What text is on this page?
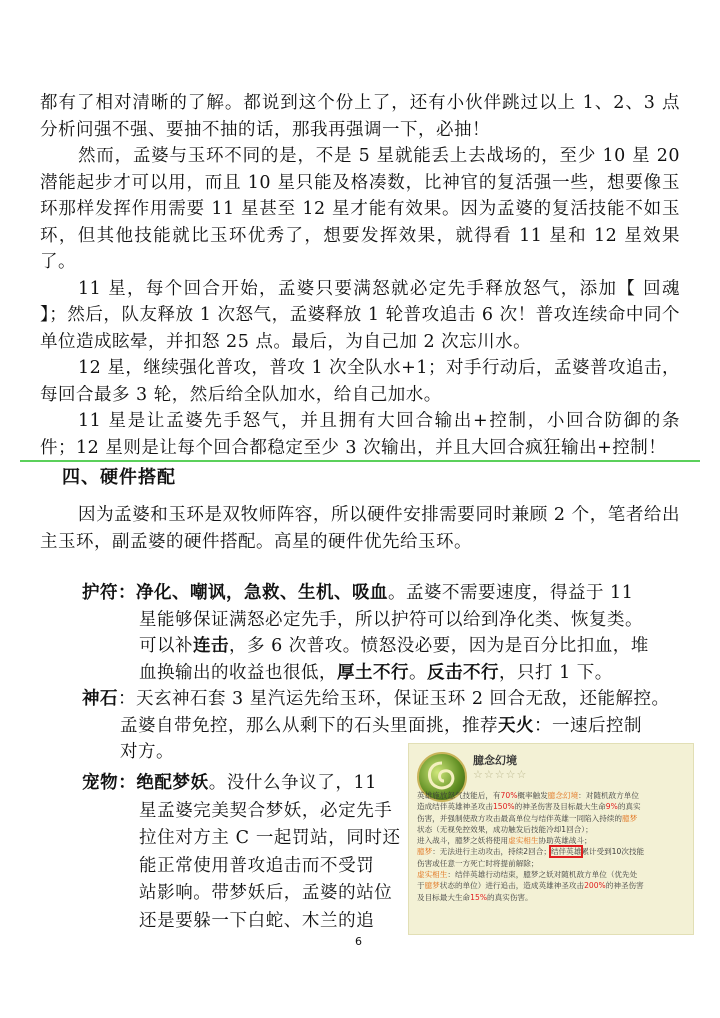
都有了相对清晰的了解。都说到这个份上了，还有小伙伴跳过以上 1、2、3 点分析问强不强、要抽不抽的话，那我再强调一下，必抽！

然而，孟婆与玉环不同的是，不是 5 星就能丢上去战场的，至少 10 星 20 潜能起步才可以用，而且 10 星只能及格凑数，比神官的复活强一些，想要像玉环那样发挥作用需要 11 星甚至 12 星才能有效果。因为孟婆的复活技能不如玉环，但其他技能就比玉环优秀了，想要发挥效果，就得看 11 星和 12 星效果了。

11 星，每个回合开始，孟婆只要满怒就必定先手释放怒气，添加【 回魂 】；然后，队友释放 1 次怒气，孟婆释放 1 轮普攻追击 6 次！普攻连续命中同个单位造成眩晕，并扣怒 25 点。最后，为自己加 2 次忘川水。

12 星，继续强化普攻，普攻 1 次全队水+1；对手行动后，孟婆普攻追击，每回合最多 3 轮，然后给全队加水，给自己加水。

11 星是让孟婆先手怒气，并且拥有大回合输出+控制，小回合防御的条件；12 星则是让每个回合都稳定至少 3 次输出，并且大回合疯狂输出+控制！

四、硬件搭配

因为孟婆和玉环是双牧师阵容，所以硬件安排需要同时兼顾 2 个，笔者给出主玉环，副孟婆的硬件搭配。高星的硬件优先给玉环。

护符：净化、嘲讽，急救、生机、吸血。孟婆不需要速度，得益于 11
星能够保证满怒必定先手，所以护符可以给到净化类、恢复类。
可以补连击，多 6 次普攻。愤怒没必要，因为是百分比扣血，堆
血换输出的收益也很低，厚土不行。反击不行，只打 1 下。
神石：天玄神石套 3 星汽运先给玉环，保证玉环 2 回合无敌，还能解控。
孟婆自带免控，那么从剩下的石头里面挑，推荐天火：一速后控制
对方。
宠物：绝配梦妖。没什么争议了，11
星孟婆完美契合梦妖，必定先手
拉住对方主 C 一起罚站，同时还
能正常使用普攻追击而不受罚
站影响。带梦妖后，孟婆的站位
还是要躲一下白蛇、木兰的追
臆念幻境
☆☆☆☆☆
英雄施放怒气技能后，有70%概率触发臆念幻境：对随机敌方单位
造成结伴英雄神圣攻击150%的神圣伤害及目标最大生命9%的真实
伤害，并强制使敌方攻击最高单位与结伴英雄一同陷入持续的臆梦
状态（无视免控效果，成功触发后技能冷却1回合）；
进入战斗，臆梦之妖将使用虚实相生协助英雄战斗；
臆梦：无法进行主动攻击，持续2回合；结伴英雄累计受到10次技能
伤害或任意一方死亡时将提前解除；
虚实相生：结伴英雄行动结束，臆梦之妖对随机敌方单位（优先处
于臆梦状态的单位）进行追击，造成英雄神圣攻击200%的神圣伤害
及目标最大生命15%的真实伤害。
6
